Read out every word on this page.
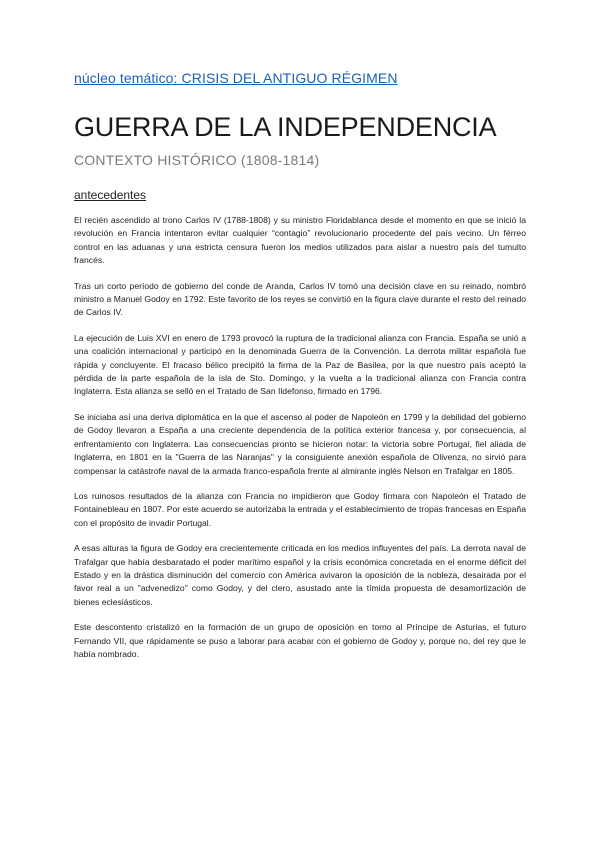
núcleo temático: CRISIS DEL ANTIGUO RÉGIMEN

GUERRA DE LA INDEPENDENCIA

CONTEXTO HISTÓRICO (1808-1814)

antecedentes

El recién ascendido al trono Carlos IV (1788-1808) y su ministro Floridablanca desde el momento en que se inició la revolución en Francia intentaron evitar cualquier “contagio” revolucionario procedente del país vecino. Un férreo control en las aduanas y una estricta censura fueron los medios utilizados para aislar a nuestro país del tumulto francés.

Tras un corto período de gobierno del conde de Aranda, Carlos IV tomó una decisión clave en su reinado, nombró ministro a Manuel Godoy en 1792. Este favorito de los reyes se convirtió en la figura clave durante el resto del reinado de Carlos IV.

La ejecución de Luis XVI en enero de 1793 provocó la ruptura de la tradicional alianza con Francia. España se unió a una coalición internacional y participó en la denominada Guerra de la Convención. La derrota militar española fue rápida y concluyente. El fracaso bélico precipitó la firma de la Paz de Basilea, por la que nuestro país aceptó la pérdida de la parte española de la isla de Sto. Domingo, y la vuelta a la tradicional alianza con Francia contra Inglaterra. Esta alianza se selló en el Tratado de San Ildefonso, firmado en 1796.

Se iniciaba así una deriva diplomática en la que el ascenso al poder de Napoleón en 1799 y la debilidad del gobierno de Godoy llevaron a España a una creciente dependencia de la política exterior francesa y, por consecuencia, al enfrentamiento con Inglaterra. Las consecuencias pronto se hicieron notar: la victoria sobre Portugal, fiel aliada de Inglaterra, en 1801 en la "Guerra de las Naranjas" y la consiguiente anexión española de Olivenza, no sirvió para compensar la catástrofe naval de la armada franco-española frente al almirante inglés Nelson en Trafalgar en 1805.

Los ruinosos resultados de la alianza con Francia no impidieron que Godoy firmara con Napoleón el Tratado de Fontainebleau en 1807. Por este acuerdo se autorizaba la entrada y el establecimiento de tropas francesas en España con el propósito de invadir Portugal.

A esas alturas la figura de Godoy era crecientemente criticada en los medios influyentes del país. La derrota naval de Trafalgar que había desbaratado el poder marítimo español y la crisis económica concretada en el enorme déficit del Estado y en la drástica disminución del comercio con América avivaron la oposición de la nobleza, desairada por el favor real a un "advenedizo" como Godoy, y del clero, asustado ante la tímida propuesta de desamortización de bienes eclesiásticos.

Este descontento cristalizó en la formación de un grupo de oposición en torno al Príncipe de Asturias, el futuro Fernando VII, que rápidamente se puso a laborar para acabar con el gobierno de Godoy y, porque no, del rey que le había nombrado.
